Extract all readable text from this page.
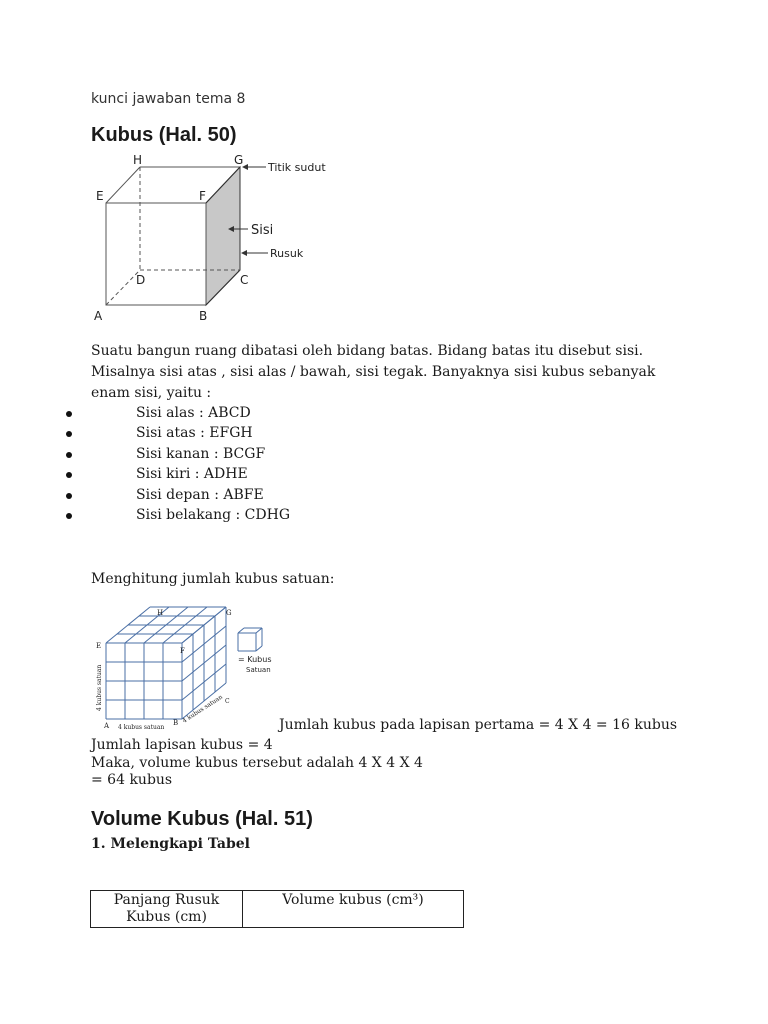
kunci jawaban tema 8
Kubus (Hal. 50)
H	G
E	F
D	C
A	B
Titik sudut
Sisi
Rusuk
Suatu bangun ruang dibatasi oleh bidang batas. Bidang batas itu disebut sisi. Misalnya sisi atas , sisi alas / bawah, sisi tegak. Banyaknya sisi kubus sebanyak enam sisi, yaitu :
Sisi alas : ABCD
Sisi atas : EFGH
Sisi kanan : BCGF
Sisi kiri : ADHE
Sisi depan : ABFE
Sisi belakang : CDHG
Menghitung jumlah kubus satuan:
H	G
E
F
A	B
C
4 kubus satuan
4 kubus satuan
4 kubus satuan
= Kubus
Satuan
Jumlah kubus pada lapisan pertama = 4 X 4 = 16 kubus
Jumlah lapisan kubus = 4
Maka, volume kubus tersebut adalah 4 X 4 X 4
= 64 kubus
Volume Kubus (Hal. 51)
1. Melengkapi Tabel
Panjang Rusuk
Kubus (cm)
	Volume kubus (cm³)
